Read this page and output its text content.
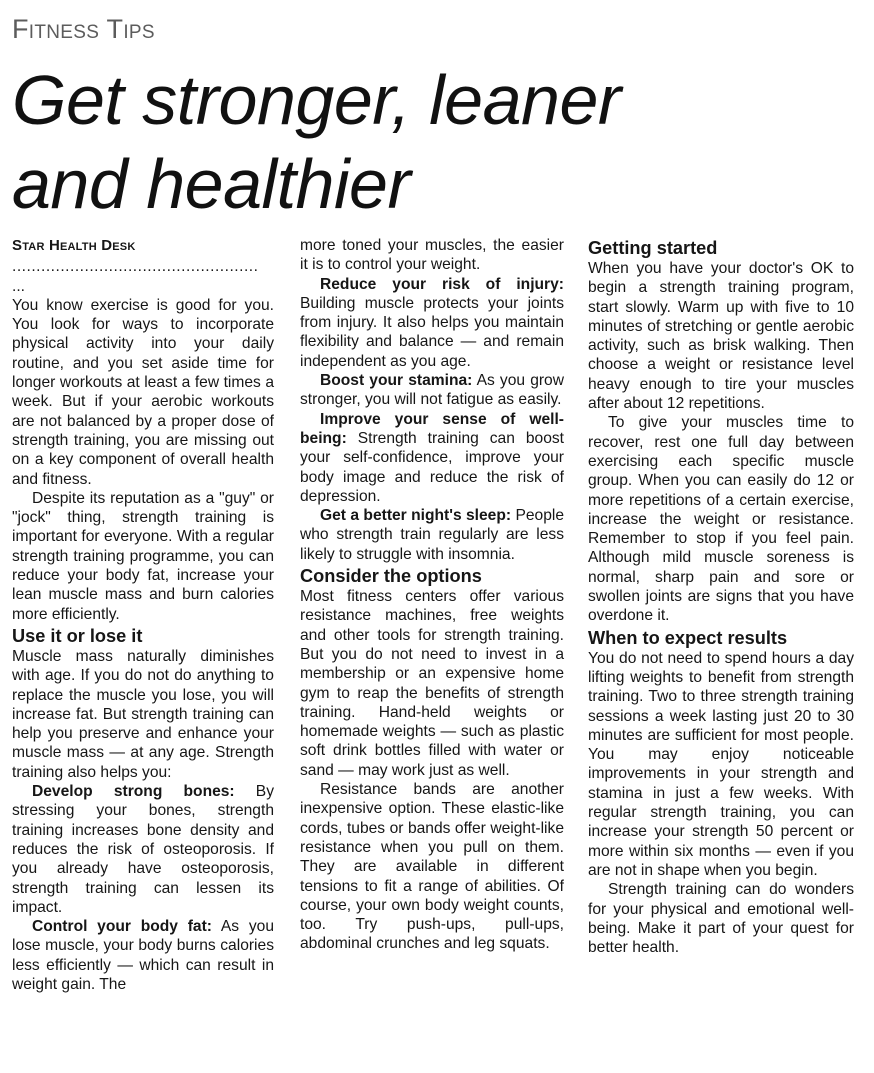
Fitness Tips
Get stronger, leaner
and healthier
Star Health Desk
...................................................
...

You know exercise is good for you. You look for ways to incorporate physical activity into your daily routine, and you set aside time for longer workouts at least a few times a week. But if your aerobic workouts are not balanced by a proper dose of strength training, you are missing out on a key component of overall health and fitness.

Despite its reputation as a "guy" or "jock" thing, strength training is important for everyone. With a regular strength training programme, you can reduce your body fat, increase your lean muscle mass and burn calories more efficiently.

Use it or lose it

Muscle mass naturally diminishes with age. If you do not do anything to replace the muscle you lose, you will increase fat. But strength training can help you preserve and enhance your muscle mass — at any age. Strength training also helps you:

Develop strong bones: By stressing your bones, strength training increases bone density and reduces the risk of osteoporosis. If you already have osteoporosis, strength training can lessen its impact.

Control your body fat: As you lose muscle, your body burns calories less efficiently — which can result in weight gain. The

more toned your muscles, the easier it is to control your weight.

Reduce your risk of injury: Building muscle protects your joints from injury. It also helps you maintain flexibility and balance — and remain independent as you age.

Boost your stamina: As you grow stronger, you will not fatigue as easily.

Improve your sense of well-being: Strength training can boost your self-confidence, improve your body image and reduce the risk of depression.

Get a better night's sleep: People who strength train regularly are less likely to struggle with insomnia.

Consider the options

Most fitness centers offer various resistance machines, free weights and other tools for strength training. But you do not need to invest in a membership or an expensive home gym to reap the benefits of strength training. Hand-held weights or homemade weights — such as plastic soft drink bottles filled with water or sand — may work just as well.

Resistance bands are another inexpensive option. These elastic-like cords, tubes or bands offer weight-like resistance when you pull on them. They are available in different tensions to fit a range of abilities. Of course, your own body weight counts, too. Try push-ups, pull-ups, abdominal crunches and leg squats.

Getting started

When you have your doctor's OK to begin a strength training program, start slowly. Warm up with five to 10 minutes of stretching or gentle aerobic activity, such as brisk walking. Then choose a weight or resistance level heavy enough to tire your muscles after about 12 repetitions.

To give your muscles time to recover, rest one full day between exercising each specific muscle group. When you can easily do 12 or more repetitions of a certain exercise, increase the weight or resistance. Remember to stop if you feel pain. Although mild muscle soreness is normal, sharp pain and sore or swollen joints are signs that you have overdone it.

When to expect results

You do not need to spend hours a day lifting weights to benefit from strength training. Two to three strength training sessions a week lasting just 20 to 30 minutes are sufficient for most people. You may enjoy noticeable improvements in your strength and stamina in just a few weeks. With regular strength training, you can increase your strength 50 percent or more within six months — even if you are not in shape when you begin.

Strength training can do wonders for your physical and emotional well-being. Make it part of your quest for better health.
